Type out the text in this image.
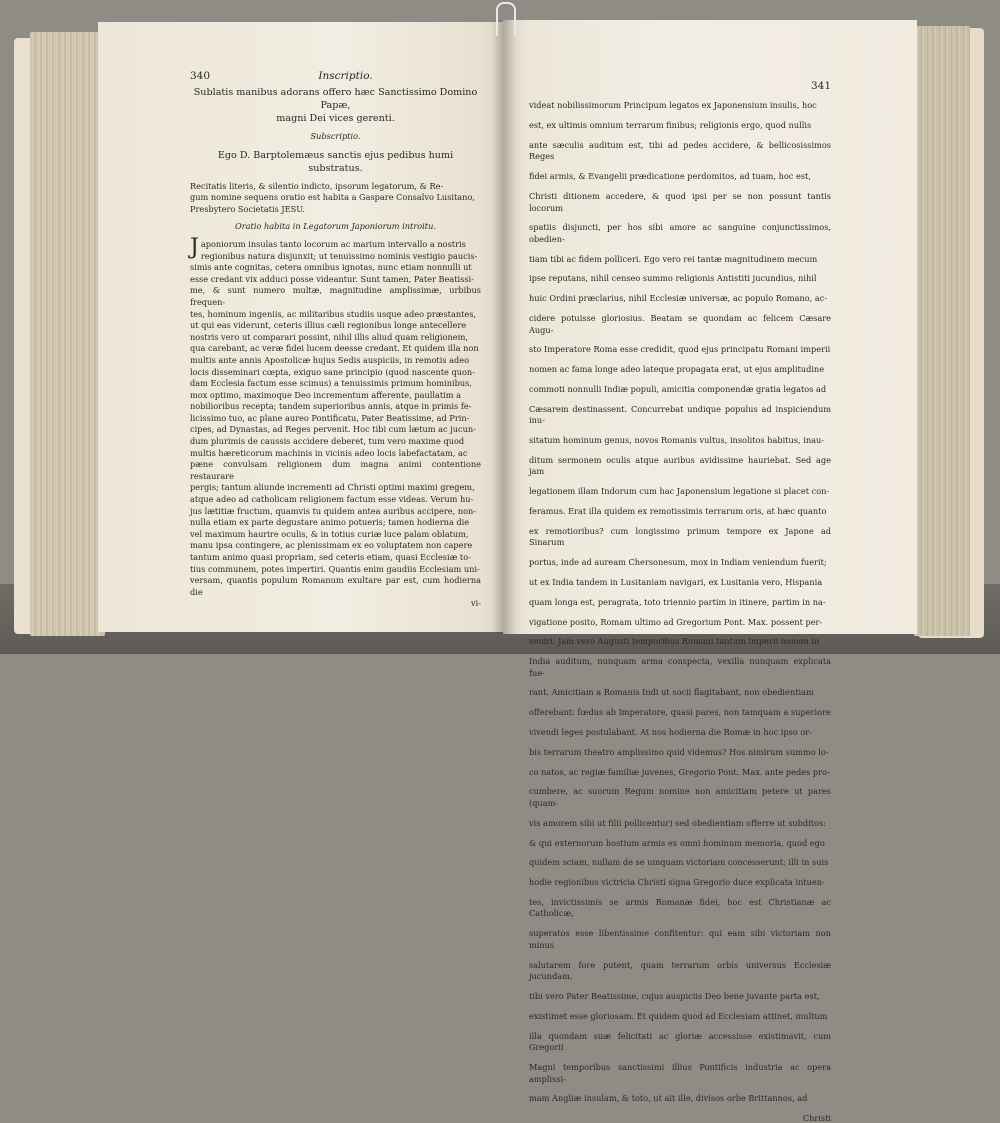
340	Inscriptio.

Sublatis manibus adorans offero hæc Sanctissimo Domino Papæ,

magni Dei vices gerenti.

Subscriptio.

Ego D. Barptolemæus sanctis ejus pedibus humi substratus.

Recitatis literis, & silentio indicto, ipsorum legatorum, & Re-

gum nomine sequens oratio est habita a Gaspare Consalvo Lusitano,

Presbytero Societatis JESU.

Oratio habita in Legatorum Japoniorum introitu.

Japoniorum insulas tanto locorum ac marium intervallo a nostris

regionibus natura disjunxit; ut tenuissimo nominis vestigio paucis-

simis ante cognitas, cetera omnibus ignotas, nunc etiam nonnulli ut

esse credant vix adduci posse videantur. Sunt tamen, Pater Beatissi-

me, & sunt numero multæ, magnitudine amplissimæ, urbibus frequen-

tes, hominum ingeniis, ac militaribus studiis usque adeo præstantes,

ut qui eas viderunt, ceteris illius cæli regionibus longe antecellere

nostris vero ut comparari possint, nihil illis aliud quam religionem,

qua carebant, ac veræ fidei lucem deesse credant. Et quidem illa non

multis ante annis Apostolicæ hujus Sedis auspiciis, in remotis adeo

locis disseminari cœpta, exiguo sane principio (quod nascente quon-

dam Ecclesia factum esse scimus) a tenuissimis primum hominibus,

mox optimo, maximoque Deo incrementum afferente, paullatim a

nobilioribus recepta; tandem superioribus annis, atque in primis fe-

licissimo tuo, ac plane aureo Pontificatu, Pater Beatissime, ad Prin-

cipes, ad Dynastas, ad Reges pervenit. Hoc tibi cum lætum ac jucun-

dum plurimis de caussis accidere deberet, tum vero maxime quod

multis hæreticorum machinis in vicinis adeo locis labefactatam, ac

pæne convulsam religionem dum magna animi contentione restaurare

pergis; tantum aliunde incrementi ad Christi optimi maximi gregem,

atque adeo ad catholicam religionem factum esse videas. Verum hu-

jus lætitiæ fructum, quamvis tu quidem antea auribus accipere, non-

nulla etiam ex parte degustare animo potueris; tamen hodierna die

vel maximum haurire oculis, & in totius curiæ luce palam oblatum,

manu ipsa contingere, ac plenissimam ex eo voluptatem non capere

tantum animo quasi propriam, sed ceteris etiam, quasi Ecclesiæ to-

tius communem, potes impertiri. Quantis enim gaudiis Ecclesiam uni-

versam, quantis populum Romanum exultare par est, cum hodierna die

vi-
341

videat nobilissimorum Principum legatos ex Japonensium insulis, hoc

est, ex ultimis omnium terrarum finibus; religionis ergo, quod nullis

ante sæculis auditum est, tibi ad pedes accidere, & bellicosissimos Reges

fidei armis, & Evangelii prædicatione perdomitos, ad tuam, hoc est,

Christi ditionem accedere, & quod ipsi per se non possunt tantis locorum

spatiis disjuncti, per hos sibi amore ac sanguine conjunctissimos, obedien-

tiam tibi ac fidem polliceri. Ego vero rei tantæ magnitudinem mecum

ipse reputans, nihil censeo summo religionis Antistiti jucundius, nihil

huic Ordini præclarius, nihil Ecclesiæ universæ, ac populo Romano, ac-

cidere potuisse gloriosius. Beatam se quondam ac felicem Cæsare Augu-

sto Imperatore Roma esse credidit, quod ejus principatu Romani imperii

nomen ac fama longe adeo lateque propagata erat, ut ejus amplitudine

commoti nonnulli Indiæ populi, amicitia componendæ gratia legatos ad

Cæsarem destinassent. Concurrebat undique populus ad inspiciendum inu-

sitatum hominum genus, novos Romanis vultus, insolitos habitus, inau-

ditum sermonem oculis atque auribus avidissime hauriebat. Sed age jam

legationem illam Indorum cum hac Japonensium legatione si placet con-

feramus. Erat illa quidem ex remotissimis terrarum oris, at hæc quanto

ex remotioribus? cum longissimo primum tempore ex Japone ad Sinarum

portus, inde ad auream Chersonesum, mox in Indiam veniendum fuerit;

ut ex India tandem in Lusitaniam navigari, ex Lusitania vero, Hispania

quam longa est, peragrata, toto triennio partim in itinere, partim in na-

vigatione posito, Romam ultimo ad Gregorium Pont. Max. possent per-

veniri. Jam vero Augusti temporibus Romani tantum imperii nomen in

India auditum, nunquam arma conspecta, vexilla nunquam explicata fue-

rant. Amicitiam a Romanis Indi ut socii flagitabant, non obedientiam

offerebant: fœdus ab Imperatore, quasi pares, non tamquam a superiore

vivendi leges postulabant. At nos hodierna die Romæ in hoc ipso or-

bis terrarum theatro amplissimo quid videmus? Hos nimirum summo lo-

co natos, ac regiæ familiæ juvenes, Gregorio Pont. Max. ante pedes pro-

cumbere, ac suorum Regum nomine non amicitiam petere ut pares (quam-

vis amorem sibi ut filii pollicentur) sed obedientiam offerre ut subditos:

& qui externorum hostium armis ex omni hominum memoria, quod ego

quidem sciam, nullam de se umquam victoriam concesserunt; illi in suis

hodie regionibus victricia Christi signa Gregorio duce explicata intuen-

tes, invictissimis se armis Romanæ fidei, hoc est Christianæ ac Catholicæ,

superatos esse libentissime confitentur: qui eam sibi victoriam non minus

salutarem fore putent, quam terrarum orbis universus Ecclesiæ jucundam,

tibi vero Pater Beatissime, cujus auspiciis Deo bene juvante parta est,

existimet esse gloriosam. Et quidem quod ad Ecclesiam attinet, multum

illa quondam suæ felicitati ac gloriæ accessisse existimavit, cum Gregorii

Magni temporibus sanctissimi illius Pontificis industria ac opera amplissi-

mam Angliæ insulam, & toto, ut ait ille, divisos orbe Brittannos, ad

Christi
